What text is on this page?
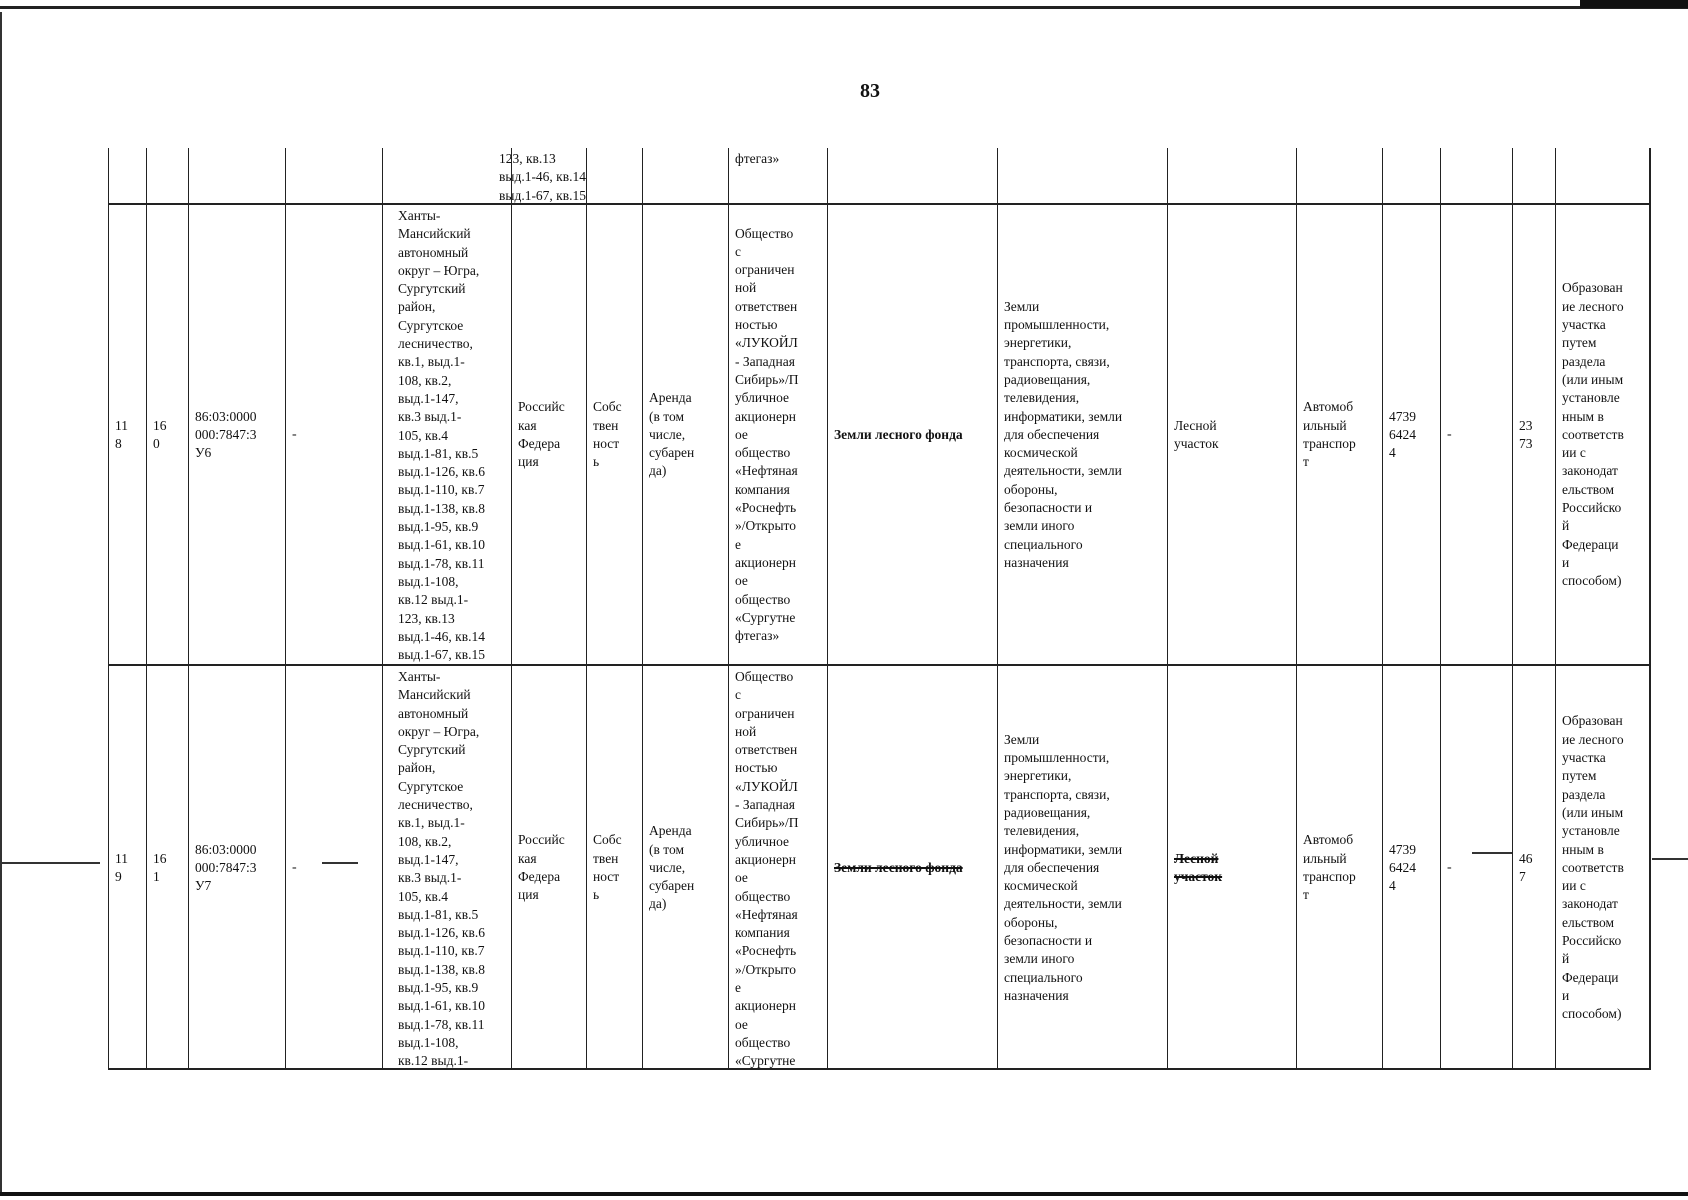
83
123, кв.13
выд.1-46, кв.14
выд.1-67, кв.15
фтегаз»
11
8
16
0
86:03:0000
000:7847:3
У6
-
Ханты-
Мансийский
автономный
округ – Югра,
Сургутский
район,
Сургутское
лесничество,
кв.1, выд.1-
108, кв.2,
выд.1-147,
кв.3 выд.1-
105, кв.4
выд.1-81, кв.5
выд.1-126, кв.6
выд.1-110, кв.7
выд.1-138, кв.8
выд.1-95, кв.9
выд.1-61, кв.10
выд.1-78, кв.11
выд.1-108,
кв.12 выд.1-
123, кв.13
выд.1-46, кв.14
выд.1-67, кв.15
Российс
кая
Федера
ция
Собс
твен
ност
ь
Аренда
(в том
числе,
субарен
да)
Общество
с
ограничен
ной
ответствен
ностью
«ЛУКОЙЛ
- Западная
Сибирь»/П
убличное
акционерн
ое
общество
«Нефтяная
компания
«Роснефть
»/Открыто
е
акционерн
ое
общество
«Сургутне
фтегаз»
Земли лесного фонда
Земли
промышленности,
энергетики,
транспорта, связи,
радиовещания,
телевидения,
информатики, земли
для обеспечения
космической
деятельности, земли
обороны,
безопасности и
земли иного
специального
назначения
Лесной
участок
Автомоб
ильный
транспор
т
4739
6424
4
-
23
73
Образован
ие лесного
участка
путем
раздела
(или иным
установле
нным в
соответств
ии с
законодат
ельством
Российско
й
Федераци
и
способом)
11
9
16
1
86:03:0000
000:7847:3
У7
-
Ханты-
Мансийский
автономный
округ – Югра,
Сургутский
район,
Сургутское
лесничество,
кв.1, выд.1-
108, кв.2,
выд.1-147,
кв.3 выд.1-
105, кв.4
выд.1-81, кв.5
выд.1-126, кв.6
выд.1-110, кв.7
выд.1-138, кв.8
выд.1-95, кв.9
выд.1-61, кв.10
выд.1-78, кв.11
выд.1-108,
кв.12 выд.1-
Российс
кая
Федера
ция
Собс
твен
ност
ь
Аренда
(в том
числе,
субарен
да)
Общество
с
ограничен
ной
ответствен
ностью
«ЛУКОЙЛ
- Западная
Сибирь»/П
убличное
акционерн
ое
общество
«Нефтяная
компания
«Роснефть
»/Открыто
е
акционерн
ое
общество
«Сургутне
Земли лесного фонда
Земли
промышленности,
энергетики,
транспорта, связи,
радиовещания,
телевидения,
информатики, земли
для обеспечения
космической
деятельности, земли
обороны,
безопасности и
земли иного
специального
назначения
Лесной
участок
Автомоб
ильный
транспор
т
4739
6424
4
-
46
7
Образован
ие лесного
участка
путем
раздела
(или иным
установле
нным в
соответств
ии с
законодат
ельством
Российско
й
Федераци
и
способом)
